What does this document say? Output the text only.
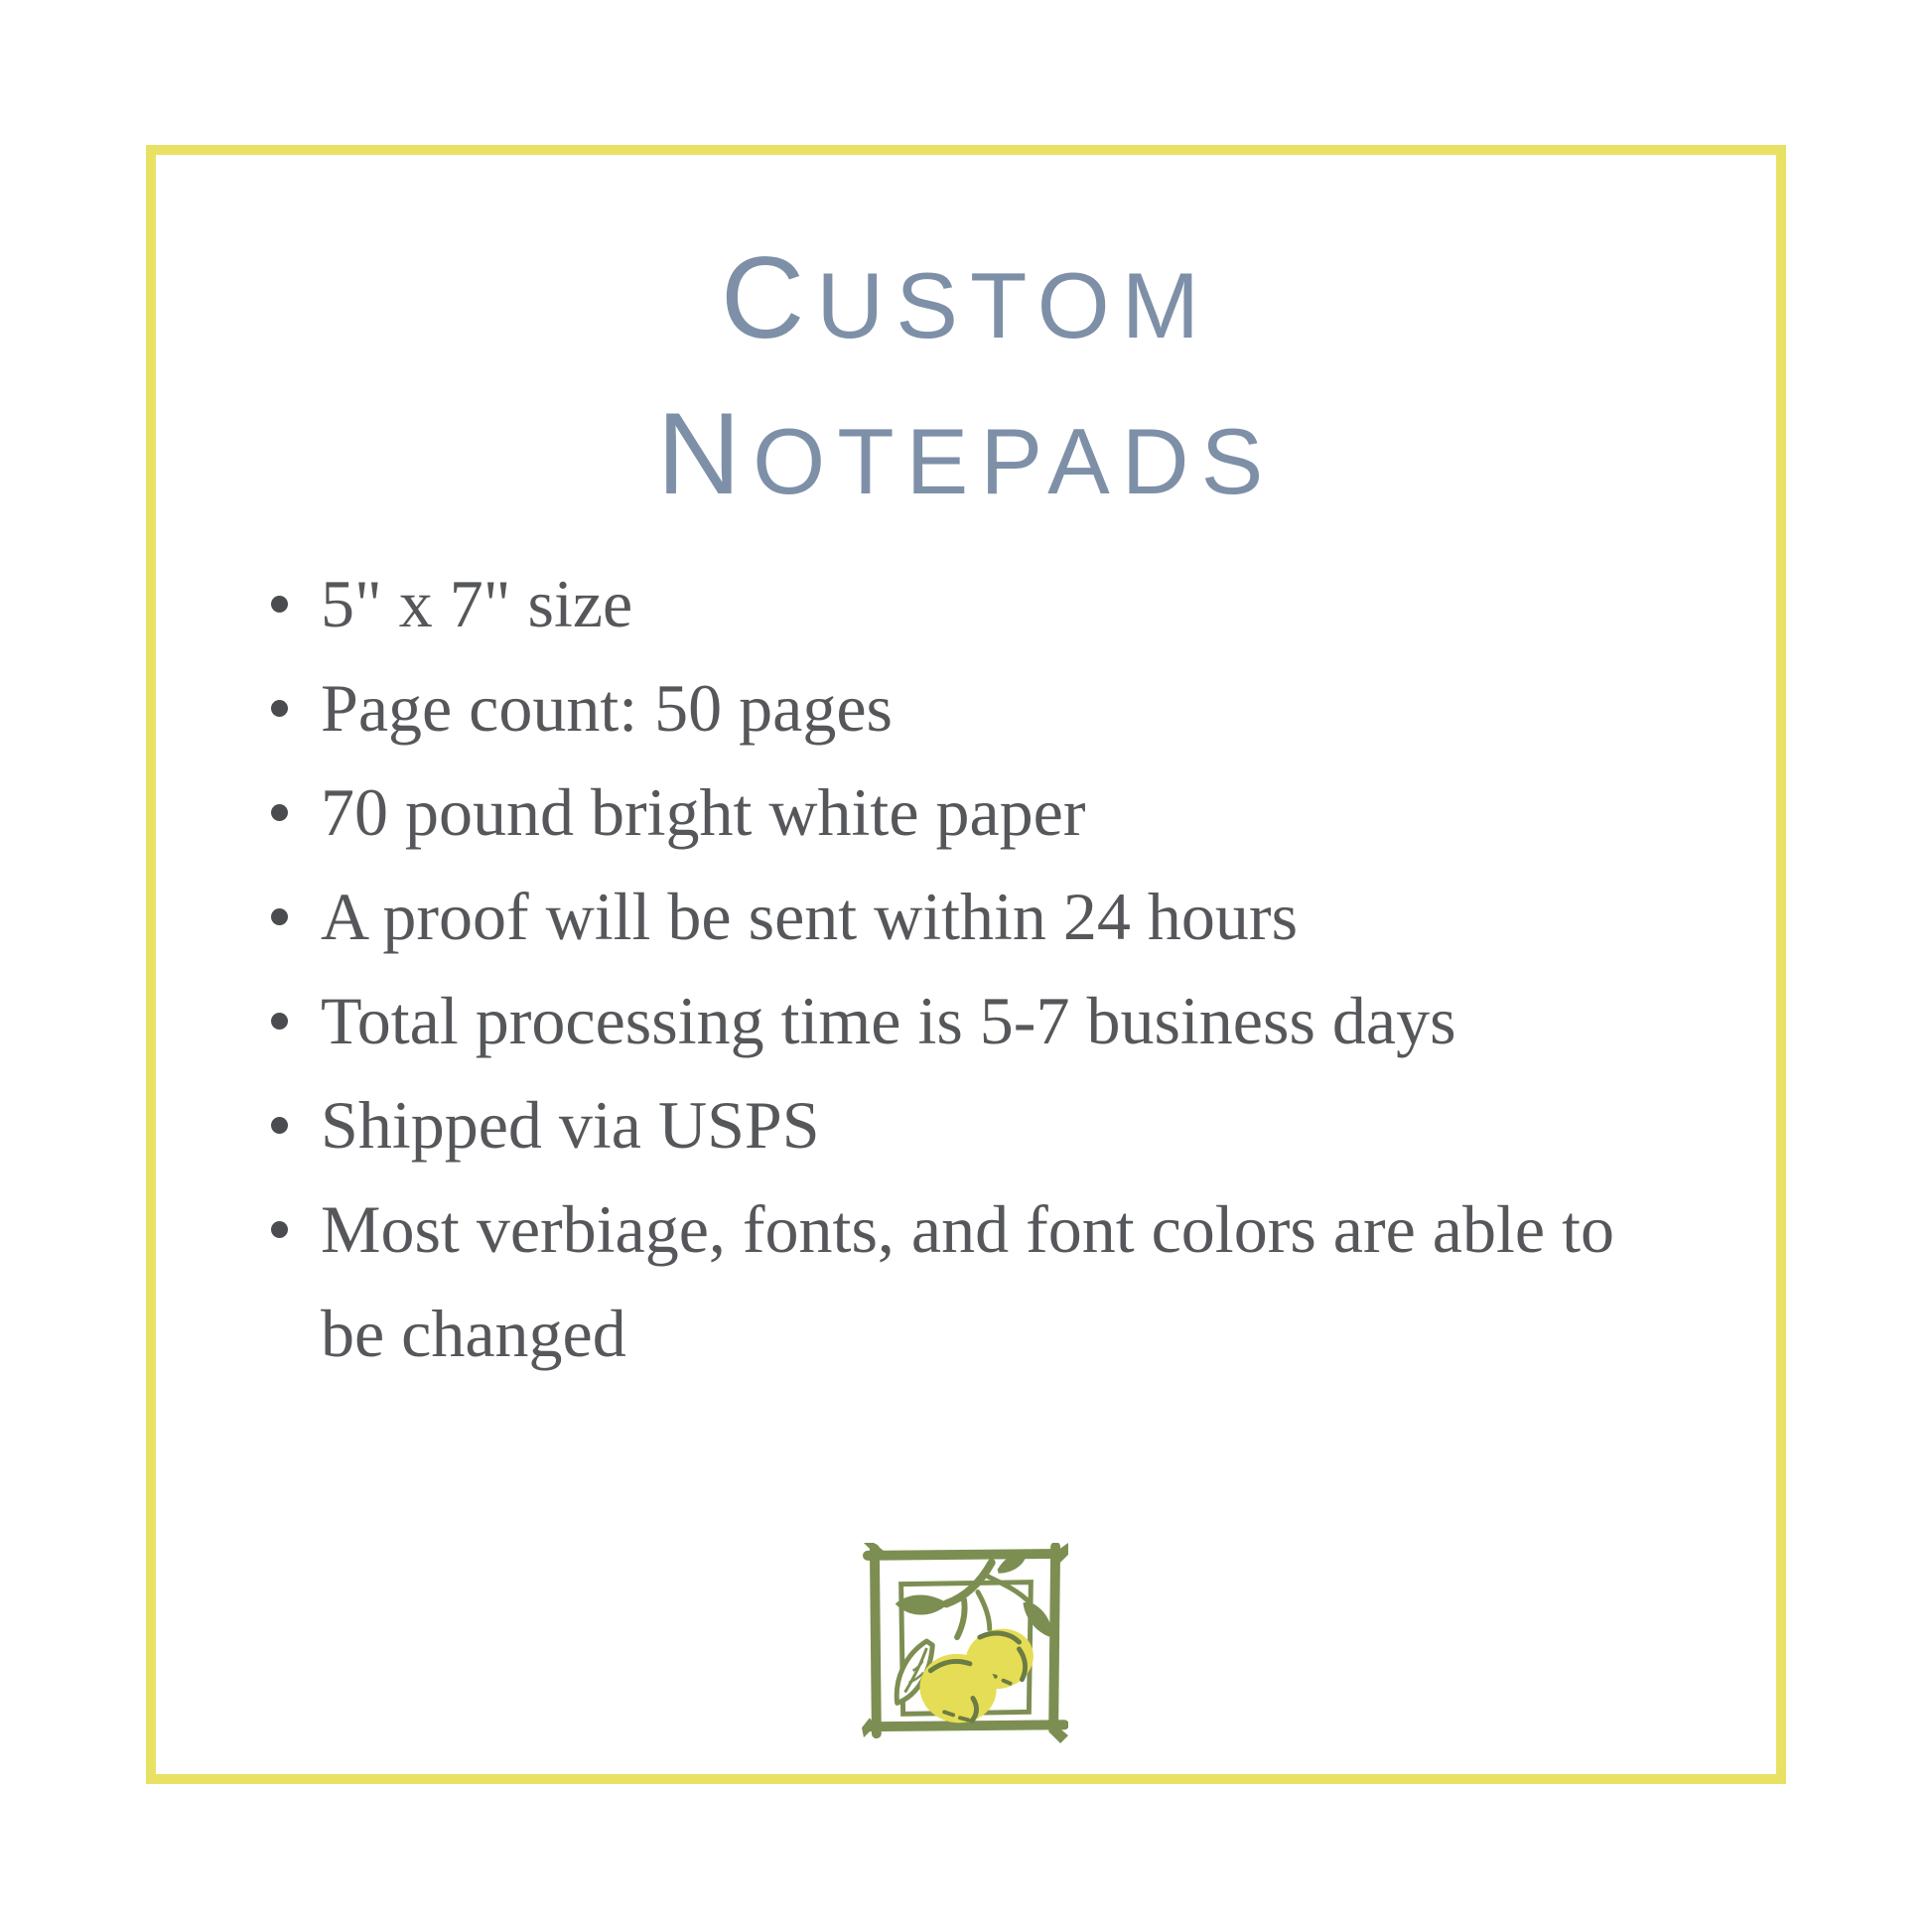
CUSTOM
NOTEPADS
5" x 7" size
Page count: 50 pages
70 pound bright white paper
A proof will be sent within 24 hours
Total processing time is 5-7 business days
Shipped via USPS
Most verbiage, fonts, and font colors are able to
be changed
